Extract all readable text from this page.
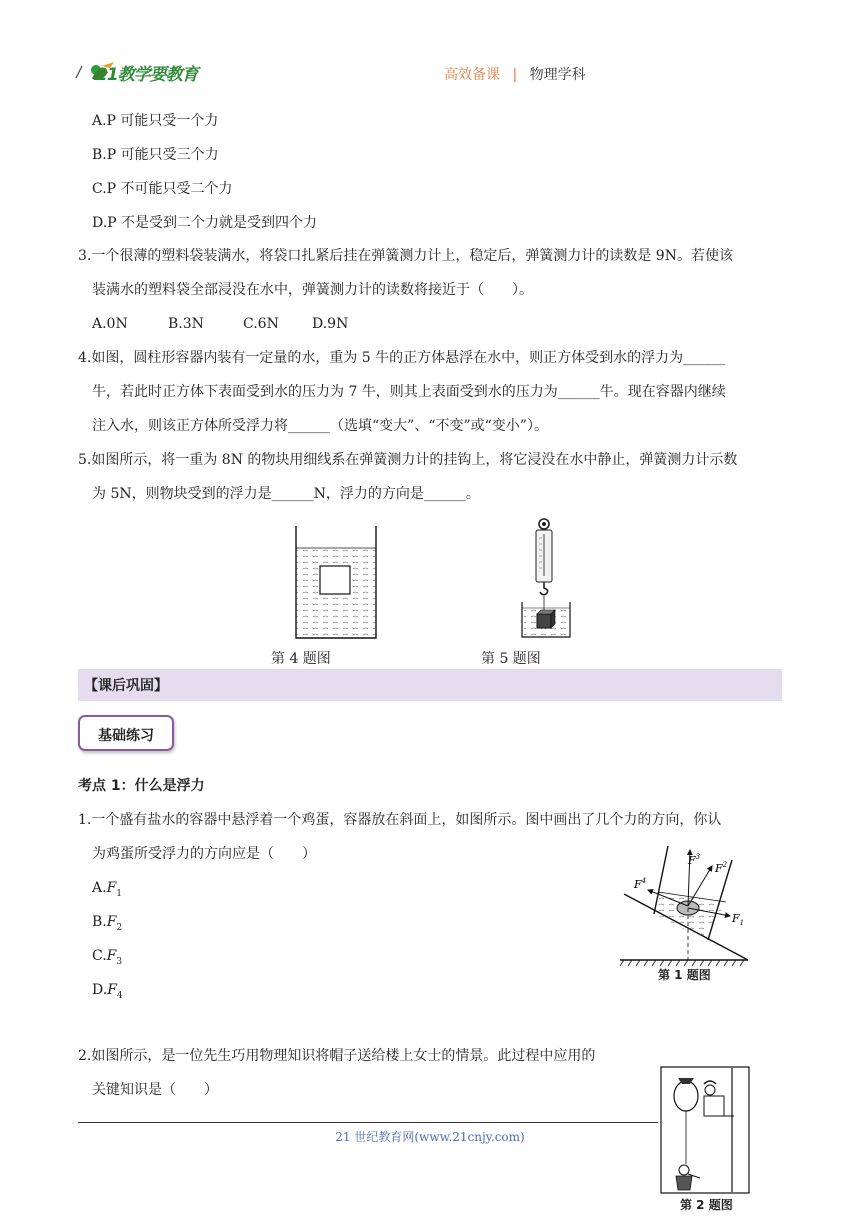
21教学要教育	高效备课 | 物理学科
A.P 可能只受一个力
B.P 可能只受三个力
C.P 不可能只受二个力
D.P 不是受到二个力就是受到四个力
3.一个很薄的塑料袋装满水，将袋口扎紧后挂在弹簧测力计上，稳定后，弹簧测力计的读数是 9N。若使该
装满水的塑料袋全部浸没在水中，弹簧测力计的读数将接近于（　　）。
A.0N	B.3N	C.6N D.9N
4.如图，圆柱形容器内装有一定量的水，重为 5 牛的正方体悬浮在水中，则正方体受到水的浮力为______
牛，若此时正方体下表面受到水的压力为 7 牛，则其上表面受到水的压力为______牛。现在容器内继续
注入水，则该正方体所受浮力将______（选填“变大”、“不变”或“变小”）。
5.如图所示，将一重为 8N 的物块用细线系在弹簧测力计的挂钩上，将它浸没在水中静止，弹簧测力计示数
为 5N，则物块受到的浮力是______N，浮力的方向是______。
第 4 题图	第 5 题图
【课后巩固】
基础练习
考点 1：什么是浮力
1.一个盛有盐水的容器中悬浮着一个鸡蛋，容器放在斜面上，如图所示。图中画出了几个力的方向，你认
为鸡蛋所受浮力的方向应是（　　）
$A.F_1$
$B.F_2$
$C.F_3$
$D.F_4$
$F^3$
$F^2$
$F_1$
$F^4$
第 1 题图
2.如图所示，是一位先生巧用物理知识将帽子送给楼上女士的情景。此过程中应用的
关键知识是（　　）
第 2 题图
21 世纪教育网(www.21cnjy.com)
